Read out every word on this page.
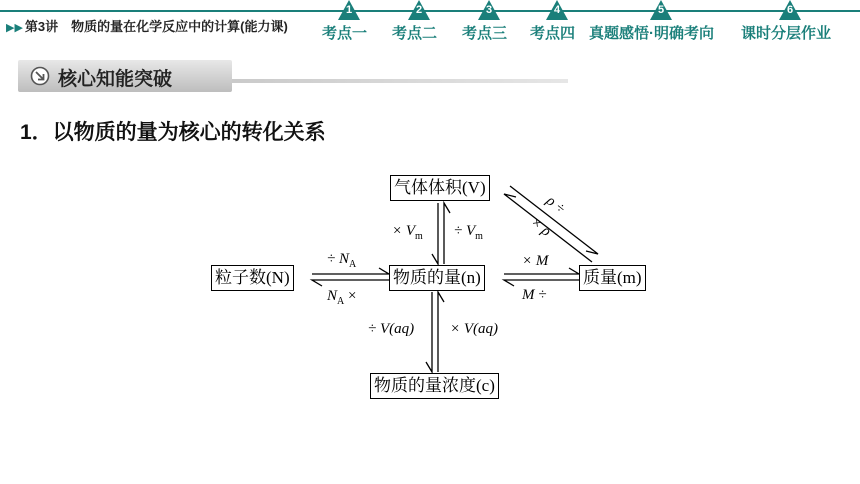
▶▶ 第3讲　物质的量在化学反应中的计算(能力课)
1
考点一
2
考点二
3
考点三
4
考点四
5
真题感悟·明确考向
6
课时分层作业
核心知能突破
1．以物质的量为核心的转化关系
气体体积(V)
粒子数(N)	物质的量(n)	质量(m)
物质的量浓度(c)
× $V_m \div V_m$
÷ $N_A$
$N_A$ ×
× M
M ÷
ρ ÷
× ρ
÷ V(aq) × V(aq)
